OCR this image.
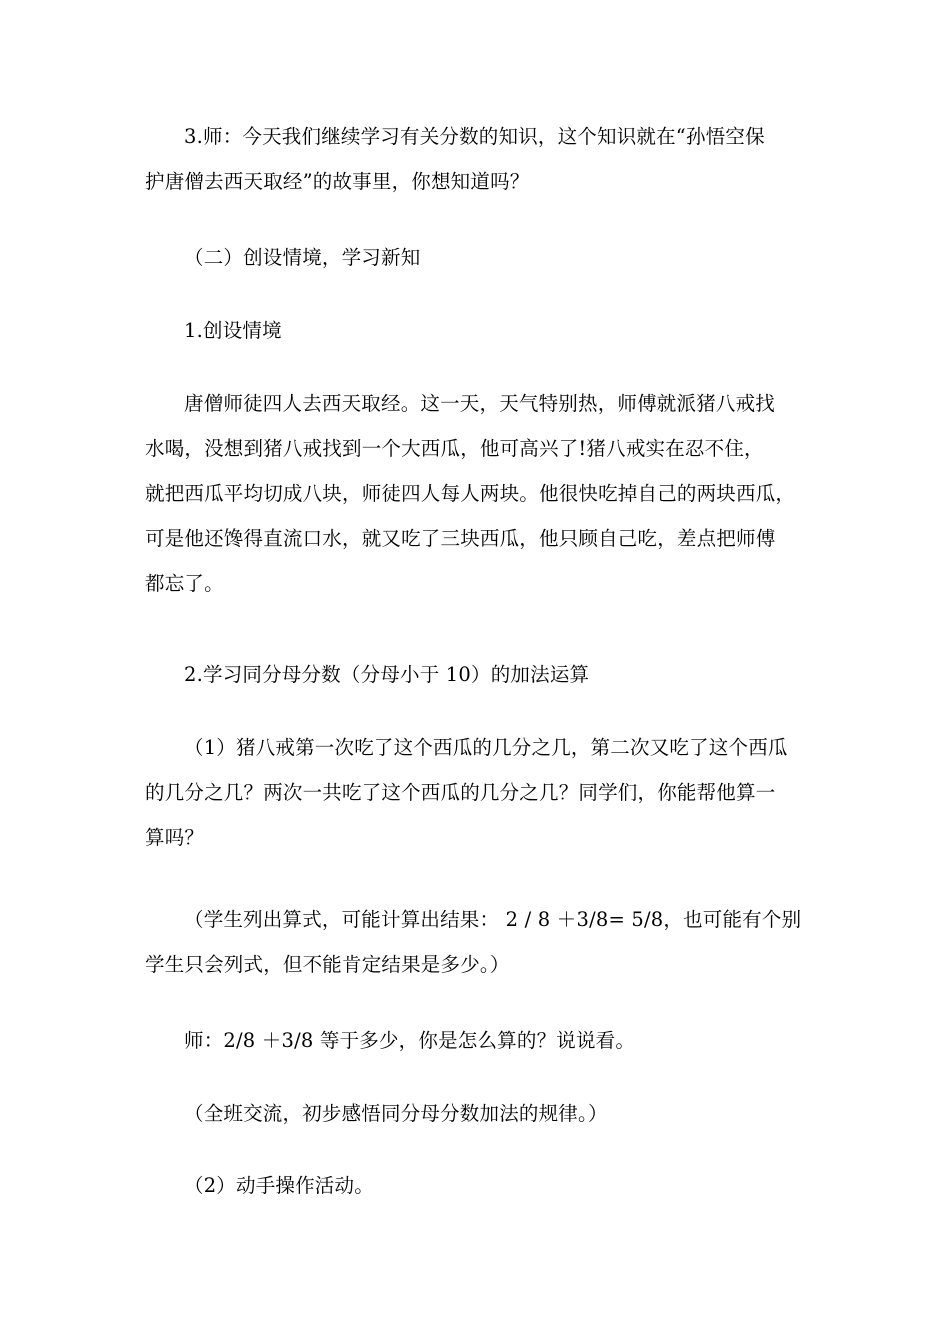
3.师：今天我们继续学习有关分数的知识，这个知识就在“孙悟空保
护唐僧去西天取经”的故事里，你想知道吗？
（二）创设情境，学习新知
1.创设情境
唐僧师徒四人去西天取经。这一天，天气特别热，师傅就派猪八戒找
水喝，没想到猪八戒找到一个大西瓜，他可高兴了!猪八戒实在忍不住，
就把西瓜平均切成八块，师徒四人每人两块。他很快吃掉自己的两块西瓜，
可是他还馋得直流口水，就又吃了三块西瓜，他只顾自己吃，差点把师傅
都忘了。
2.学习同分母分数（分母小于 10）的加法运算
（1）猪八戒第一次吃了这个西瓜的几分之几，第二次又吃了这个西瓜
的几分之几？两次一共吃了这个西瓜的几分之几？同学们，你能帮他算一
算吗？
（学生列出算式，可能计算出结果： 2 / 8 ＋3/8= 5/8，也可能有个别
学生只会列式，但不能肯定结果是多少。）
师：2/8 ＋3/8 等于多少，你是怎么算的？说说看。
（全班交流，初步感悟同分母分数加法的规律。）
（2）动手操作活动。
